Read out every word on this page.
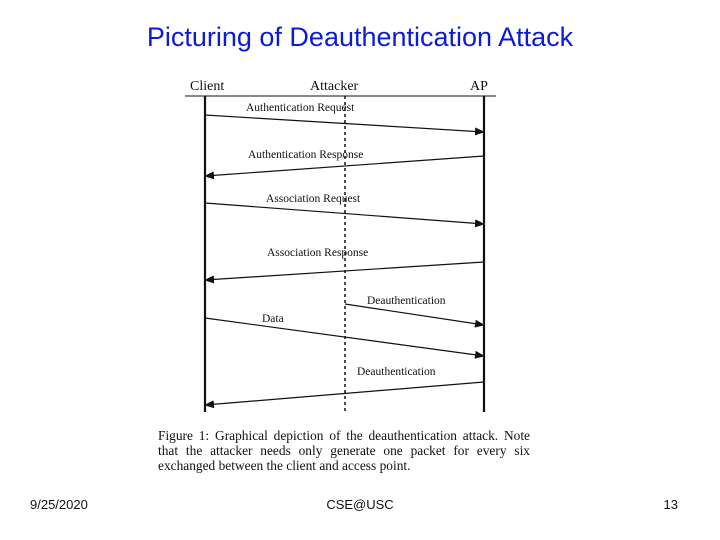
Picturing of Deauthentication Attack
Client	Attacker	AP
Authentication Request
Authentication Response
Association Request
Association Response
Deauthentication
Data
Deauthentication
Figure 1: Graphical depiction of the deauthentication attack. Note that the attacker needs only generate one packet for every six exchanged between the client and access point.
9/25/2020	CSE@USC	13
